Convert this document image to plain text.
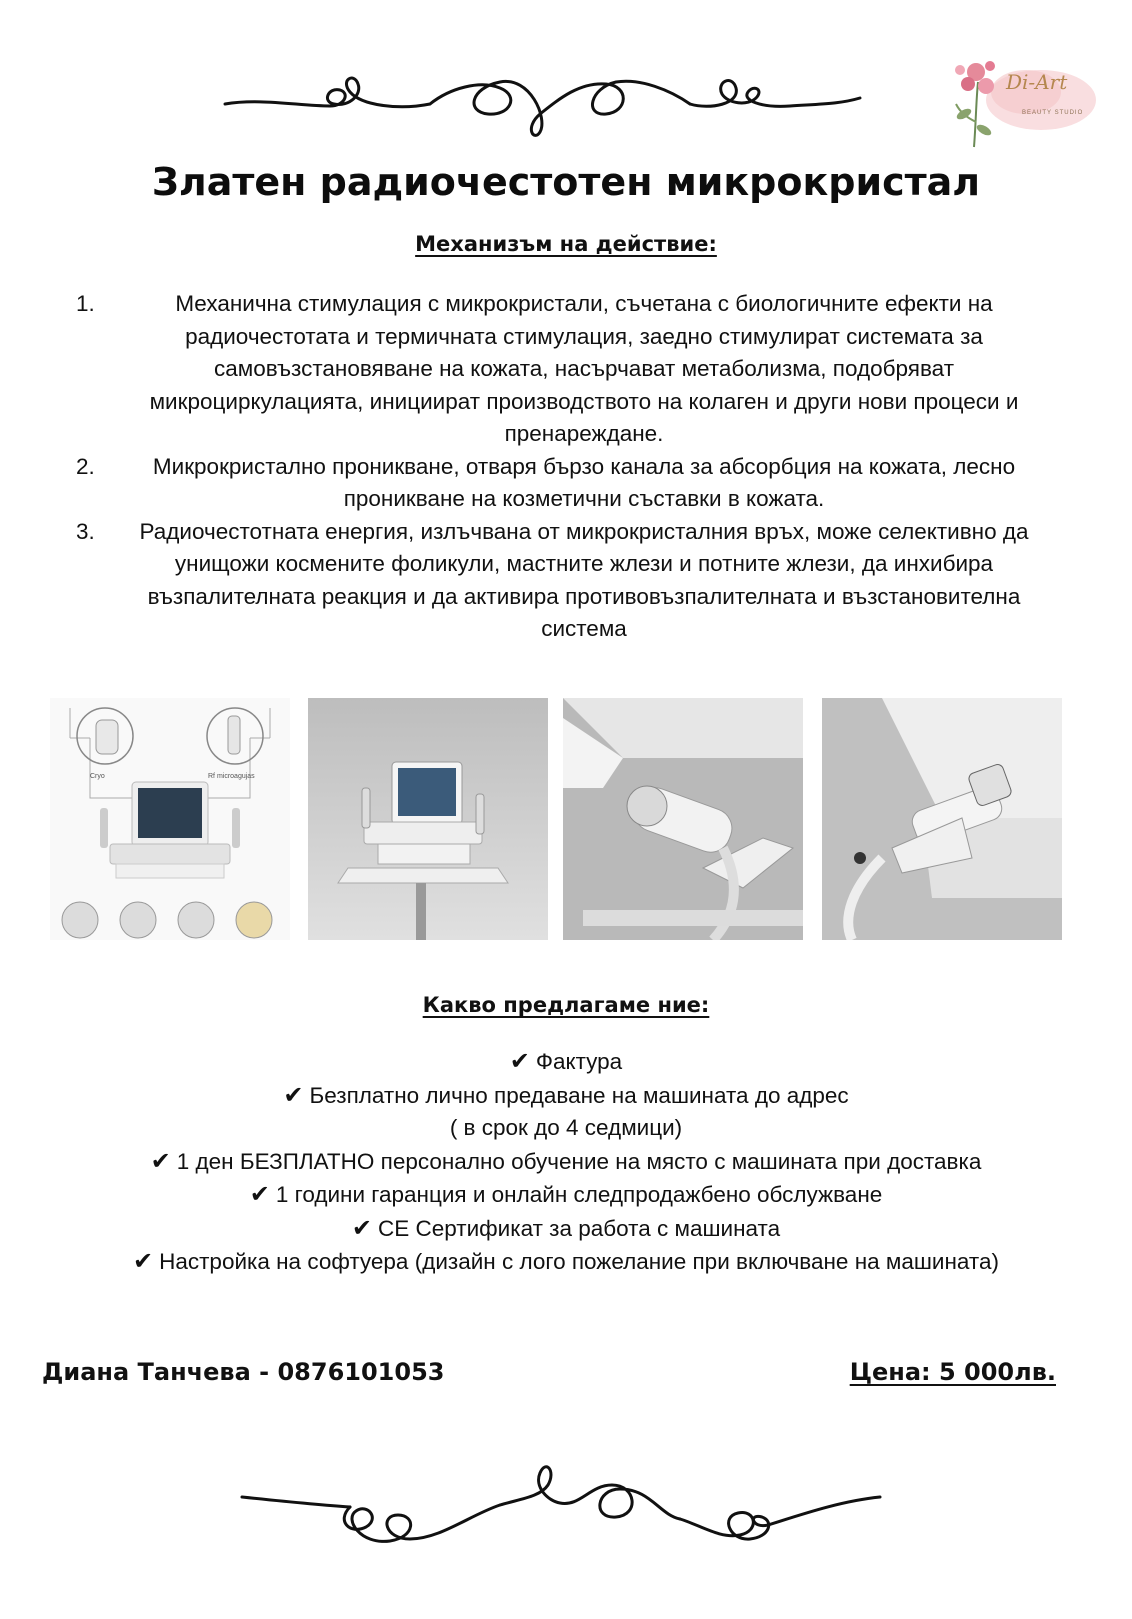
Di-Art
BEAUTY STUDIO
Златен радиочестотен микрокристал
Механизъм на действие:
1.	Механична стимулация с микрокристали, съчетана с биологичните ефекти на радиочестотата и термичната стимулация, заедно стимулират системата за самовъзстановяване на кожата, насърчават метаболизма, подобряват микроциркулацията, инициират производството на колаген и други нови процеси и пренареждане.
2.	Микрокристално проникване, отваря бързо канала за абсорбция на кожата, лесно проникване на козметични съставки в кожата.
3. Радиочестотната енергия, излъчвана от микрокристалния връх, може селективно да унищожи космените фоликули, мастните жлези и потните жлези, да инхибира възпалителната реакция и да активира противовъзпалителната и възстановителна система
Cryo	Rf microagujas
Какво предлагаме ние:
✔ Фактура
✔ Безплатно лично предаване на машината до адрес
( в срок до 4 седмици)
✔ 1 ден БЕЗПЛАТНО персонално обучение на място с машината при доставка
✔ 1 години гаранция и онлайн следпродажбено обслужване
✔ CE Сертификат за работа с машината
✔ Настройка на софтуера (дизайн с лого пожелание при включване на машината)
Диана Танчева - 0876101053	Цена: 5 000лв.
